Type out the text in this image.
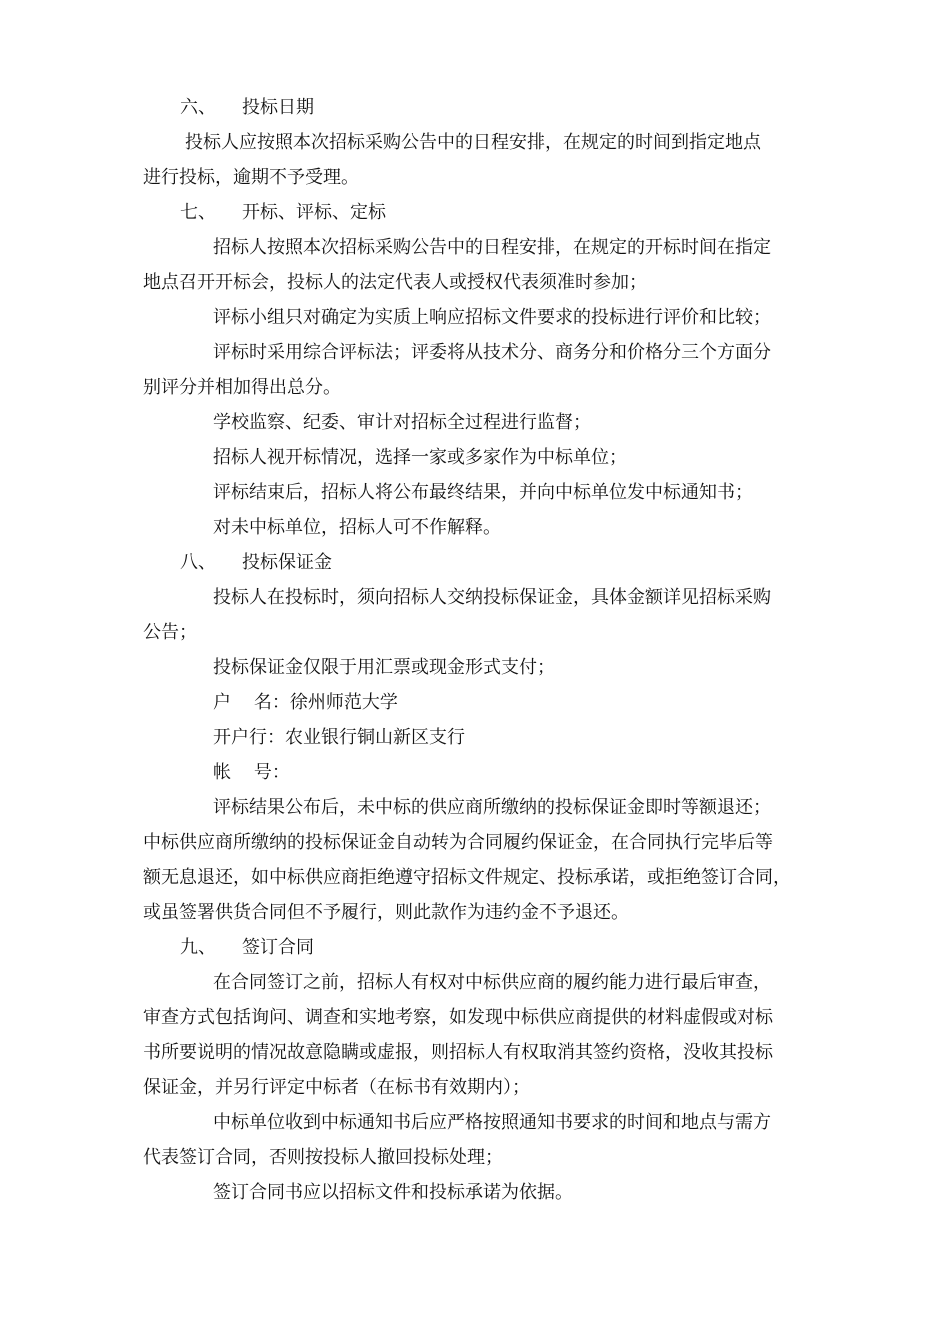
六、	投标日期

投标人应按照本次招标采购公告中的日程安排，在规定的时间到指定地点

进行投标，逾期不予受理。

七、	开标、评标、定标

招标人按照本次招标采购公告中的日程安排，在规定的开标时间在指定

地点召开开标会，投标人的法定代表人或授权代表须准时参加；

评标小组只对确定为实质上响应招标文件要求的投标进行评价和比较；

评标时采用综合评标法；评委将从技术分、商务分和价格分三个方面分

别评分并相加得出总分。

学校监察、纪委、审计对招标全过程进行监督；

招标人视开标情况，选择一家或多家作为中标单位；

评标结束后，招标人将公布最终结果，并向中标单位发中标通知书；

对未中标单位，招标人可不作解释。

八、	投标保证金

投标人在投标时，须向招标人交纳投标保证金，具体金额详见招标采购

公告；

投标保证金仅限于用汇票或现金形式支付；

户    名：徐州师范大学

开户行：农业银行铜山新区支行

帐    号：

评标结果公布后，未中标的供应商所缴纳的投标保证金即时等额退还；

中标供应商所缴纳的投标保证金自动转为合同履约保证金，在合同执行完毕后等

额无息退还，如中标供应商拒绝遵守招标文件规定、投标承诺，或拒绝签订合同，

或虽签署供货合同但不予履行，则此款作为违约金不予退还。

九、	签订合同

在合同签订之前，招标人有权对中标供应商的履约能力进行最后审查，

审查方式包括询问、调查和实地考察，如发现中标供应商提供的材料虚假或对标

书所要说明的情况故意隐瞒或虚报，则招标人有权取消其签约资格，没收其投标

保证金，并另行评定中标者（在标书有效期内）；

中标单位收到中标通知书后应严格按照通知书要求的时间和地点与需方

代表签订合同，否则按投标人撤回投标处理；

签订合同书应以招标文件和投标承诺为依据。
